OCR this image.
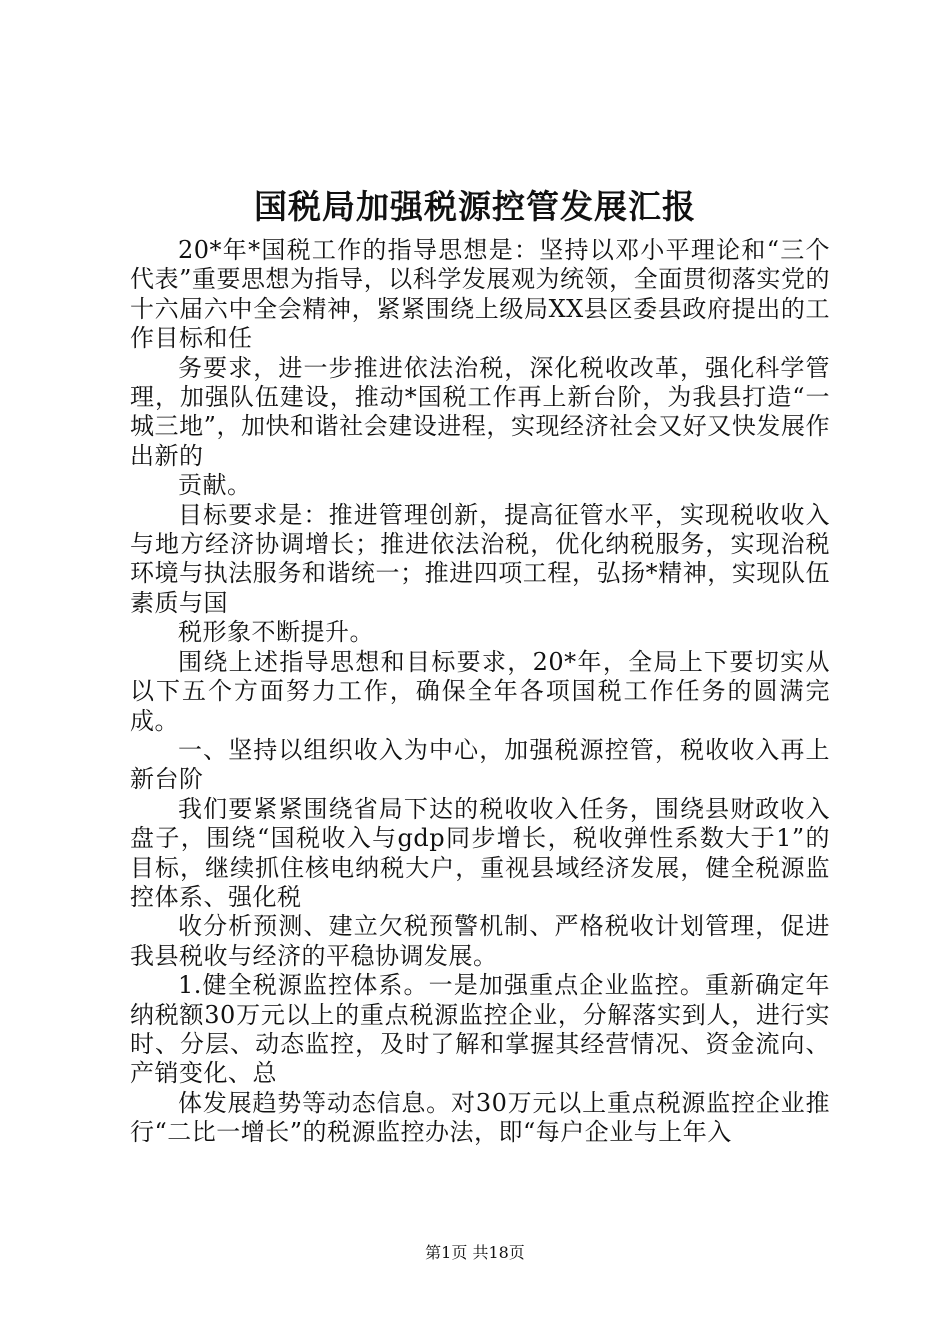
国税局加强税源控管发展汇报

20*年*国税工作的指导思想是：坚持以邓小平理论和“三个代表”重要思想为指导，以科学发展观为统领，全面贯彻落实党的十六届六中全会精神，紧紧围绕上级局XX县区委县政府提出的工作目标和任

务要求，进一步推进依法治税，深化税收改革，强化科学管理，加强队伍建设，推动*国税工作再上新台阶，为我县打造“一城三地”，加快和谐社会建设进程，实现经济社会又好又快发展作出新的

贡献。

目标要求是：推进管理创新，提高征管水平，实现税收收入与地方经济协调增长；推进依法治税，优化纳税服务，实现治税环境与执法服务和谐统一；推进四项工程，弘扬*精神，实现队伍素质与国

税形象不断提升。

围绕上述指导思想和目标要求，20*年，全局上下要切实从以下五个方面努力工作，确保全年各项国税工作任务的圆满完成。

一、坚持以组织收入为中心，加强税源控管，税收收入再上新台阶

我们要紧紧围绕省局下达的税收收入任务，围绕县财政收入盘子，围绕“国税收入与gdp同步增长，税收弹性系数大于1”的目标，继续抓住核电纳税大户，重视县域经济发展，健全税源监控体系、强化税

收分析预测、建立欠税预警机制、严格税收计划管理，促进我县税收与经济的平稳协调发展。

1.健全税源监控体系。一是加强重点企业监控。重新确定年纳税额30万元以上的重点税源监控企业，分解落实到人，进行实时、分层、动态监控，及时了解和掌握其经营情况、资金流向、产销变化、总

体发展趋势等动态信息。对30万元以上重点税源监控企业推行“二比一增长”的税源监控办法，即“每户企业与上年入

第1页 共18页
